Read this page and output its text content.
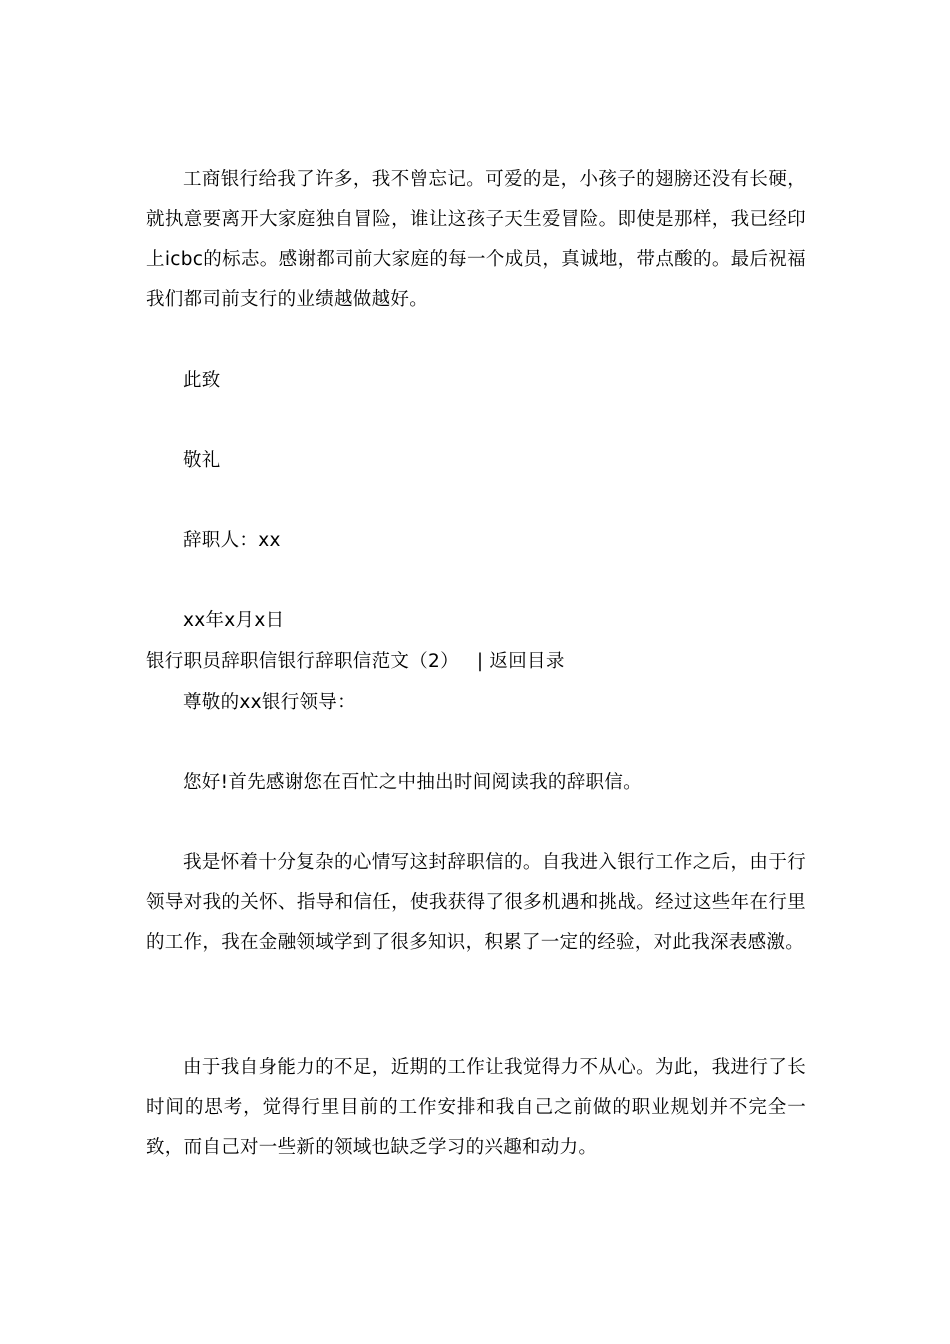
工商银行给我了许多，我不曾忘记。可爱的是，小孩子的翅膀还没有长硬，就执意要离开大家庭独自冒险，谁让这孩子天生爱冒险。即使是那样，我已经印上icbc的标志。感谢都司前大家庭的每一个成员，真诚地，带点酸的。最后祝福我们都司前支行的业绩越做越好。

此致
敬礼
辞职人：xx
xx年x月x日
银行职员辞职信银行辞职信范文（2） | 返回目录
尊敬的xx银行领导：
您好!首先感谢您在百忙之中抽出时间阅读我的辞职信。

我是怀着十分复杂的心情写这封辞职信的。自我进入银行工作之后，由于行领导对我的关怀、指导和信任，使我获得了很多机遇和挑战。经过这些年在行里的工作，我在金融领域学到了很多知识，积累了一定的经验，对此我深表感激。

由于我自身能力的不足，近期的工作让我觉得力不从心。为此，我进行了长时间的思考，觉得行里目前的工作安排和我自己之前做的职业规划并不完全一致，而自己对一些新的领域也缺乏学习的兴趣和动力。
